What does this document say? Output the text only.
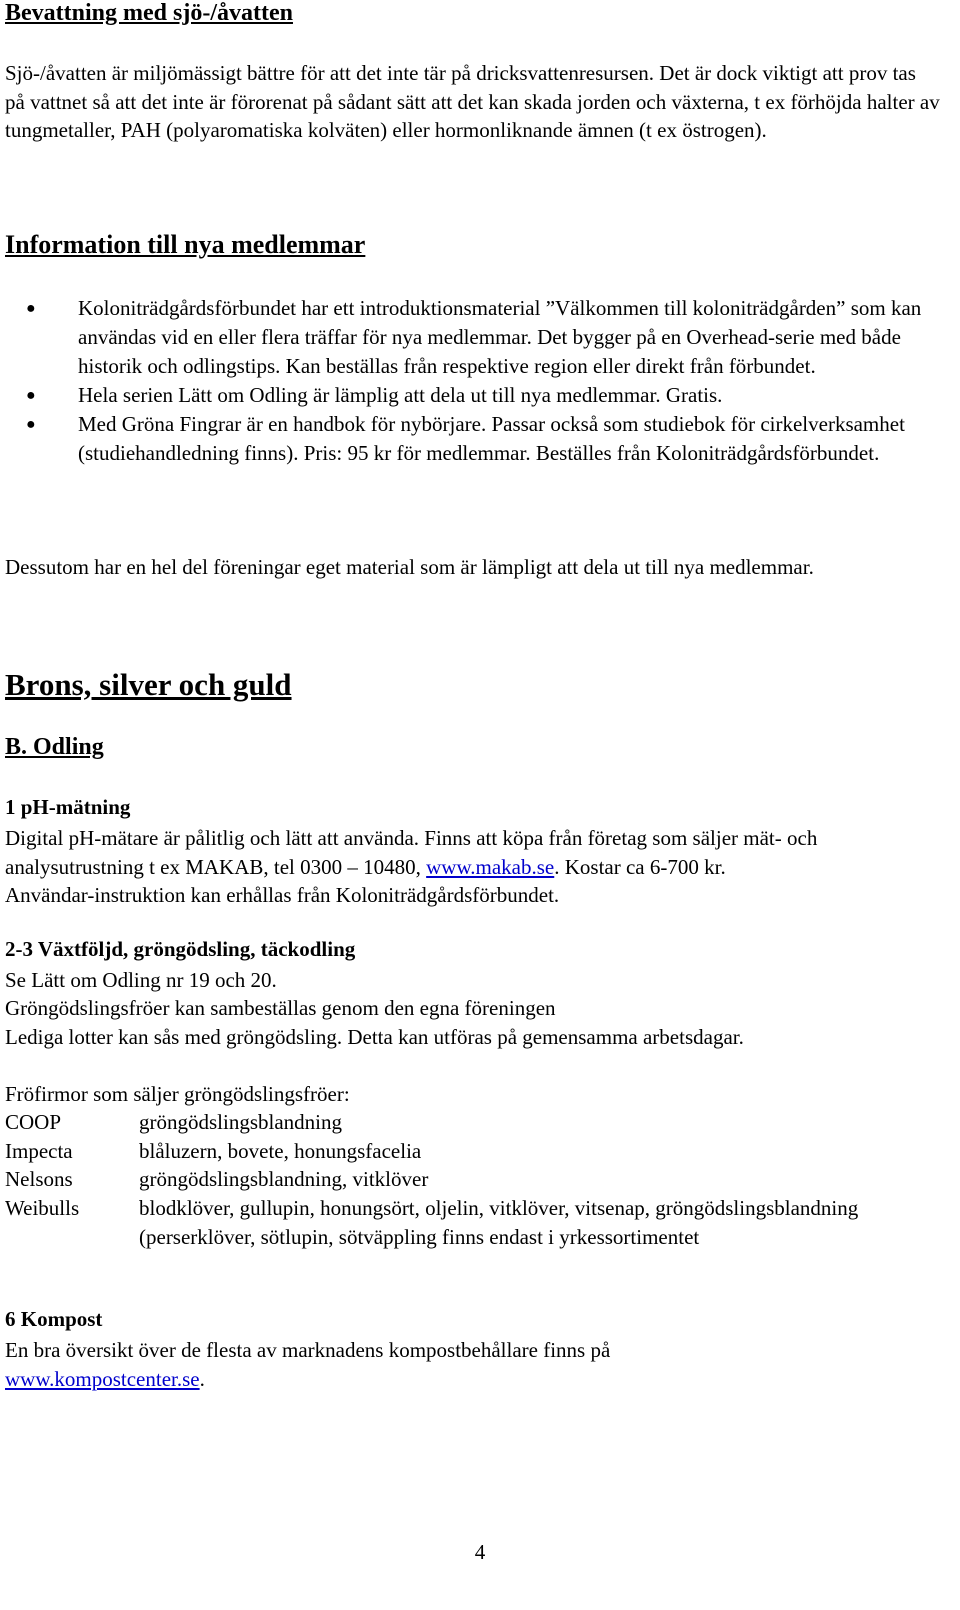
Bevattning med sjö-/åvatten
Sjö-/åvatten är miljömässigt bättre för att det inte tär på dricksvattenresursen. Det är dock viktigt att prov tas på vattnet så att det inte är förorenat på sådant sätt att det kan skada jorden och växterna, t ex förhöjda halter av tungmetaller, PAH (polyaromatiska kolväten) eller hormonliknande ämnen (t ex östrogen).
Information till nya medlemmar
● Koloniträdgårdsförbundet har ett introduktionsmaterial ”Välkommen till koloniträdgården” som kan användas vid en eller flera träffar för nya medlemmar. Det bygger på en Overhead-serie med både historik och odlingstips. Kan beställas från respektive region eller direkt från förbundet.
● Hela serien Lätt om Odling är lämplig att dela ut till nya medlemmar. Gratis.
● Med Gröna Fingrar är en handbok för nybörjare. Passar också som studiebok för cirkelverksamhet (studiehandledning finns). Pris: 95 kr för medlemmar. Beställes från Koloniträdgårdsförbundet.
Dessutom har en hel del föreningar eget material som är lämpligt att dela ut till nya medlemmar.
Brons, silver och guld
B. Odling
1 pH-mätning
Digital pH-mätare är pålitlig och lätt att använda. Finns att köpa från företag som säljer mät- och analysutrustning t ex MAKAB, tel 0300 – 10480, www.makab.se. Kostar ca 6-700 kr.
Användar-instruktion kan erhållas från Koloniträdgårdsförbundet.
2-3 Växtföljd, gröngödsling, täckodling
Se Lätt om Odling nr 19 och 20.
Gröngödslingsfröer kan sambeställas genom den egna föreningen
Lediga lotter kan sås med gröngödsling. Detta kan utföras på gemensamma arbetsdagar.
Fröfirmor som säljer gröngödslingsfröer:
COOP	gröngödslingsblandning
Impecta	blåluzern, bovete, honungsfacelia
Nelsons	gröngödslingsblandning, vitklöver
Weibulls	blodklöver, gullupin, honungsört, oljelin, vitklöver, vitsenap, gröngödslingsblandning (perserklöver, sötlupin, sötväppling finns endast i yrkessortimentet
6 Kompost
En bra översikt över de flesta av marknadens kompostbehållare finns på
www.kompostcenter.se.
4
